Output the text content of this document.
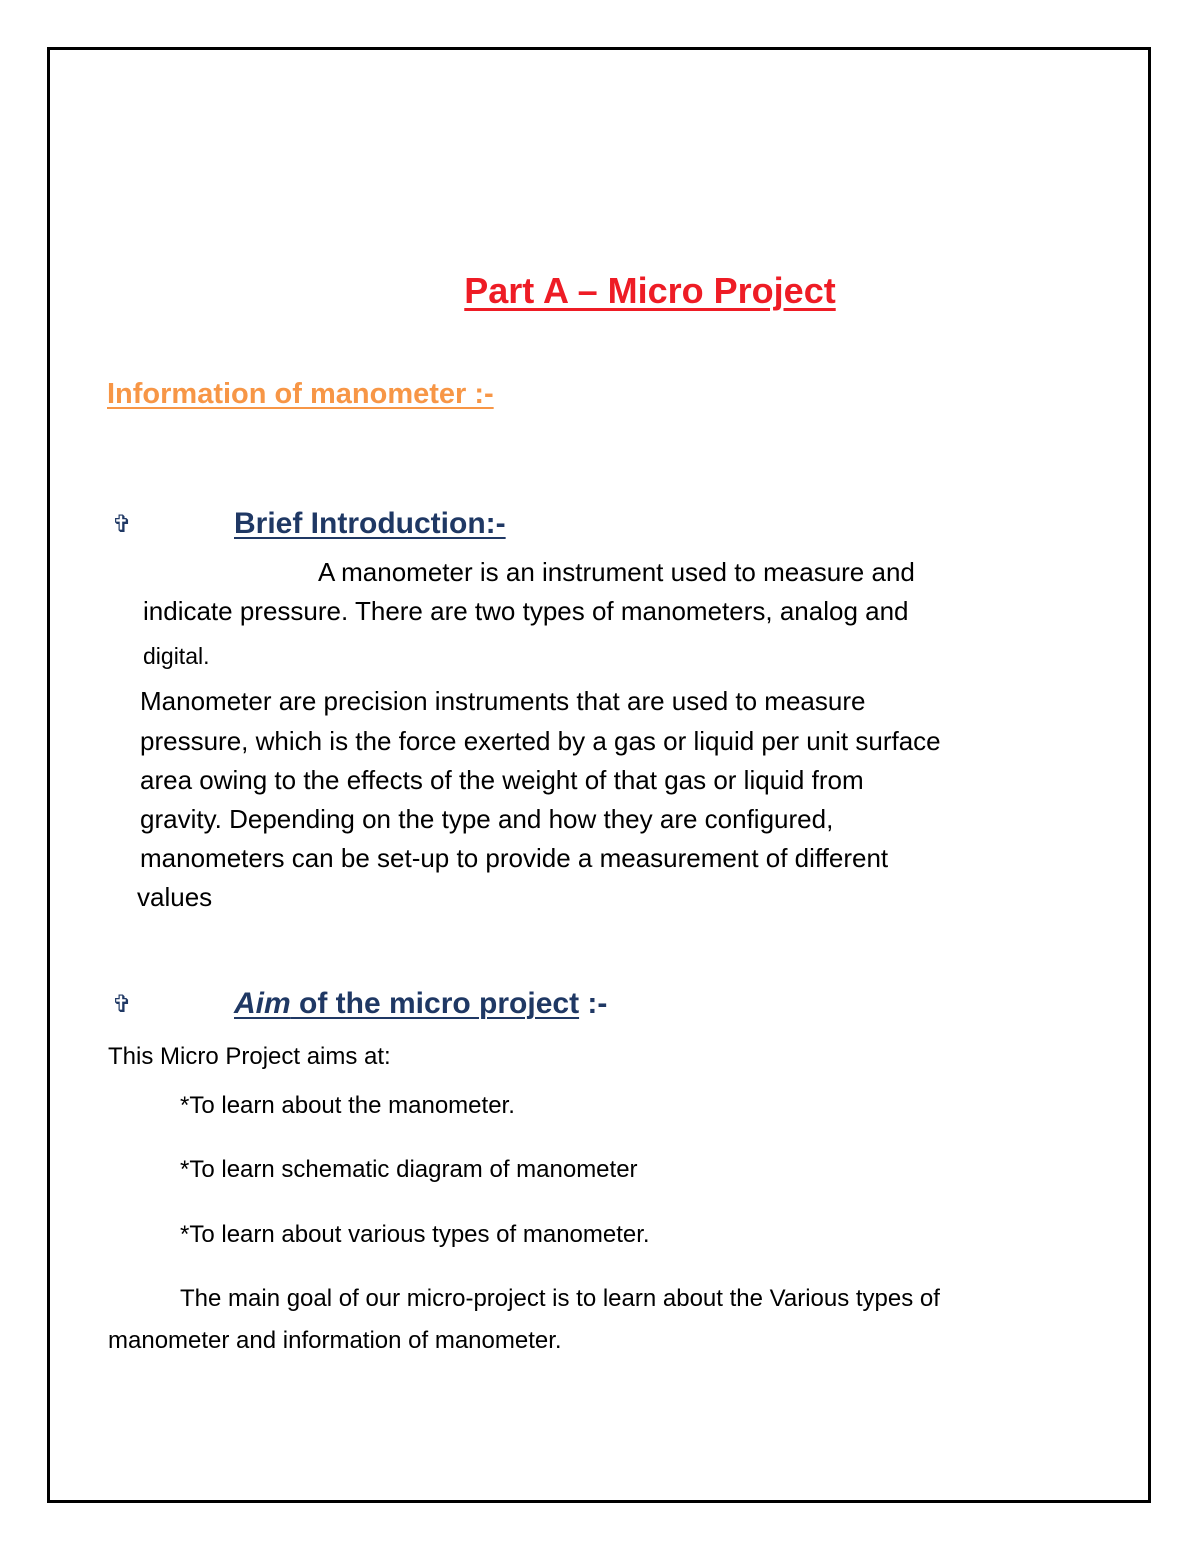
Part A – Micro Project
Information of manometer :-
✞	Brief Introduction:-
A manometer is an instrument used to measure and
indicate pressure. There are two types of manometers, analog and
digital.
Manometer are precision instruments that are used to measure
pressure, which is the force exerted by a gas or liquid per unit surface
area owing to the effects of the weight of that gas or liquid from
gravity. Depending on the type and how they are configured,
manometers can be set-up to provide a measurement of different
values
✞	Aim of the micro project :-
This Micro Project aims at:
*To learn about the manometer.
*To learn schematic diagram of manometer
*To learn about various types of manometer.
The main goal of our micro-project is to learn about the Various types of
manometer and information of manometer.
